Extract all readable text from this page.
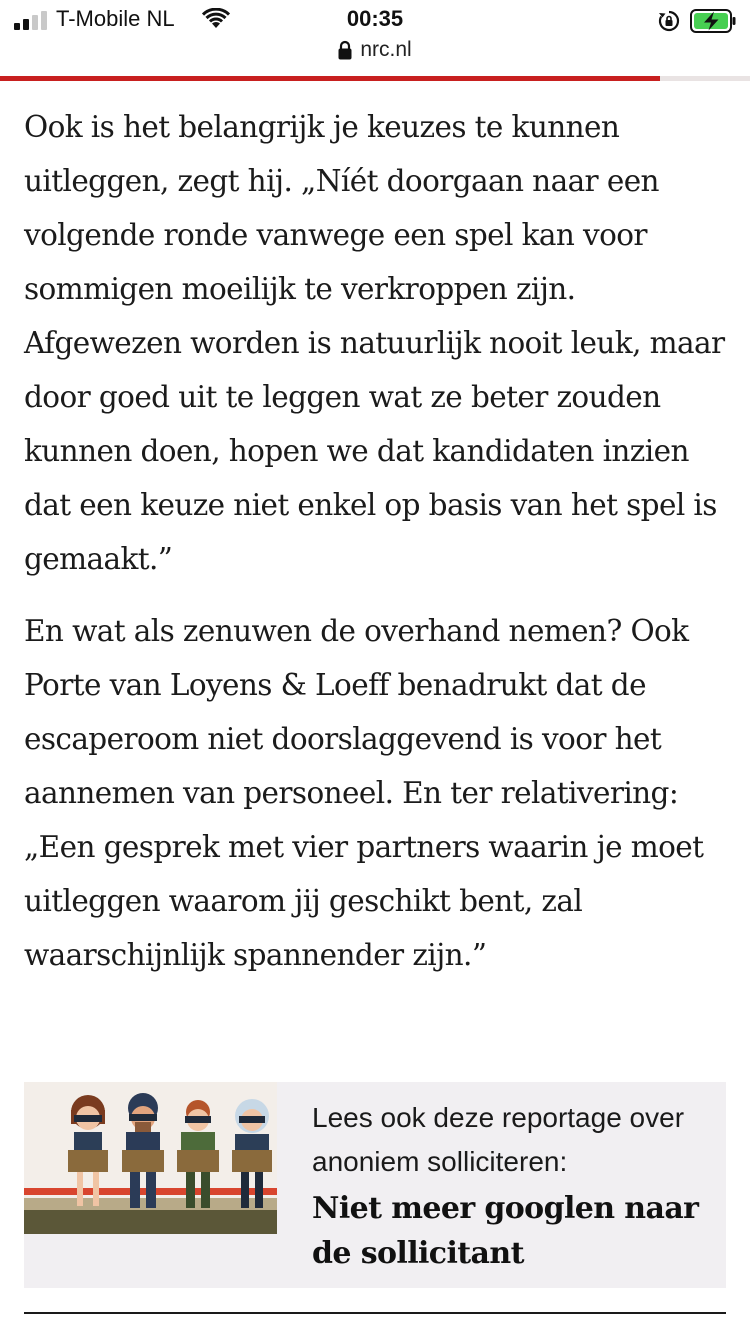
T-Mobile NL	00:35
nrc.nl

Ook is het belangrijk je keuzes te kunnen uitleggen, zegt hij. „Níét doorgaan naar een volgende ronde vanwege een spel kan voor sommigen moeilijk te verkroppen zijn. Afgewezen worden is natuurlijk nooit leuk, maar door goed uit te leggen wat ze beter zouden kunnen doen, hopen we dat kandidaten inzien dat een keuze niet enkel op basis van het spel is gemaakt.”

En wat als zenuwen de overhand nemen? Ook Porte van Loyens & Loeff benadrukt dat de escaperoom niet doorslaggevend is voor het aannemen van personeel. En ter relativering: „Een gesprek met vier partners waarin je moet uitleggen waarom jij geschikt bent, zal waarschijnlijk spannender zijn.”

Lees ook deze reportage over anoniem solliciteren:

Niet meer googlen naar de sollicitant
